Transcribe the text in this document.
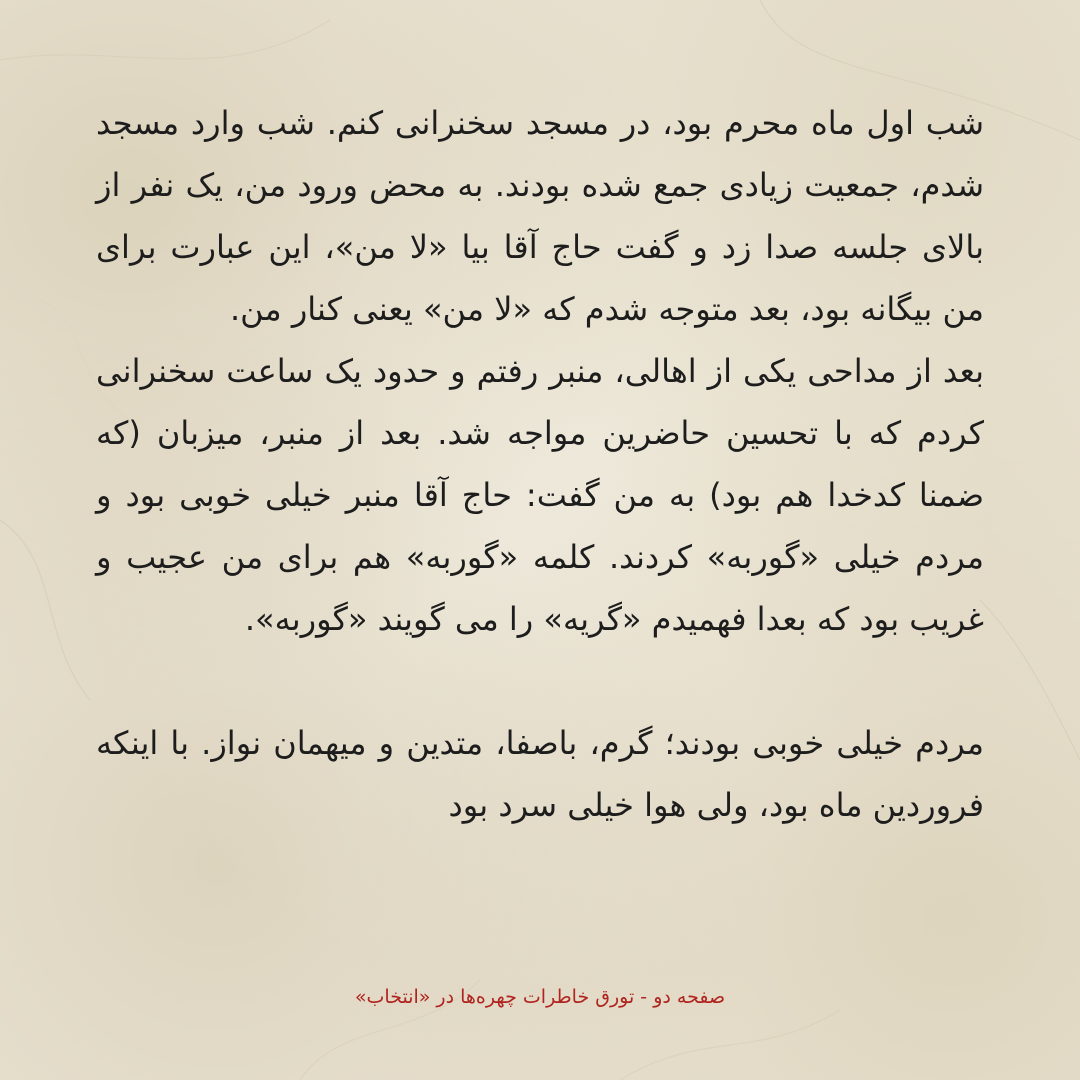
شب اول ماه محرم بود، در مسجد سخنرانی کنم. شب وارد مسجد شدم، جمعیت زیادی جمع شده بودند. به محض ورود من، یک نفر از بالای جلسه صدا زد و گفت حاج آقا بیا «لا من»، این عبارت برای من بیگانه بود، بعد متوجه شدم که «لا من» یعنی کنار من.

بعد از مداحی یکی از اهالی، منبر رفتم و حدود یک ساعت سخنرانی کردم که با تحسین حاضرین مواجه شد. بعد از منبر، میزبان (که ضمنا کدخدا هم بود) به من گفت: حاج آقا منبر خیلی خوبی بود و مردم خیلی «گوربه» کردند. کلمه «گوربه» هم برای من عجیب و غریب بود که بعدا فهمیدم «گریه» را می گویند «گوربه».

مردم خیلی خوبی بودند؛ گرم، باصفا، متدین و میهمان نواز. با اینکه فروردین ماه بود، ولی هوا خیلی سرد بود

صفحه دو - تورق خاطرات چهره‌ها در «انتخاب»
